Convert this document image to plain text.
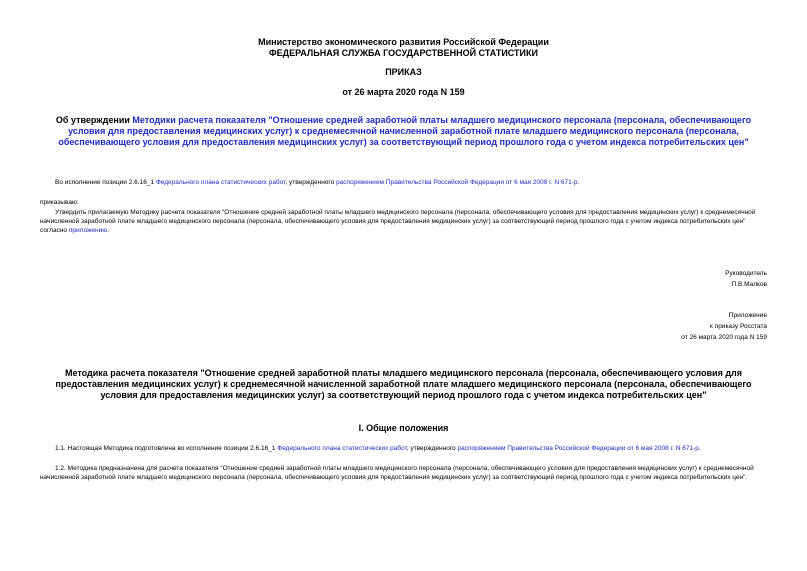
Министерство экономического развития Российской Федерации
ФЕДЕРАЛЬНАЯ СЛУЖБА ГОСУДАРСТВЕННОЙ СТАТИСТИКИ
ПРИКАЗ
от 26 марта 2020 года N 159
Об утверждении Методики расчета показателя "Отношение средней заработной платы младшего медицинского персонала (персонала, обеспечивающего условия для предоставления медицинских услуг) к среднемесячной начисленной заработной плате младшего медицинского персонала (персонала, обеспечивающего условия для предоставления медицинских услуг) за соответствующий период прошлого года с учетом индекса потребительских цен"
Во исполнение позиции 2.6.16_1 Федерального плана статистических работ, утвержденного распоряжением Правительства Российской Федерации от 6 мая 2008 г. N 671-р.
приказываю:
Утвердить прилагаемую Методику расчета показателя "Отношение средней заработной платы младшего медицинского персонала (персонала, обеспечивающего условия для предоставления медицинских услуг) к среднемесячной начисленной заработной плате младшего медицинского персонала (персонала, обеспечивающего условия для предоставления медицинских услуг) за соответствующий период прошлого года с учетом индекса потребительских цен" согласно приложению.
Руководитель
П.В.Малков
Приложение
к приказу Росстата
от 26 марта 2020 года N 159
Методика расчета показателя "Отношение средней заработной платы младшего медицинского персонала (персонала, обеспечивающего условия для предоставления медицинских услуг) к среднемесячной начисленной заработной плате младшего медицинского персонала (персонала, обеспечивающего условия для предоставления медицинских услуг) за соответствующий период прошлого года с учетом индекса потребительских цен"
I. Общие положения
1.1. Настоящая Методика подготовлена во исполнение позиции 2.6.16_1 Федерального плана статистических работ, утвержденного распоряжением Правительства Российской Федерации от 6 мая 2008 г. N 671-р.
1.2. Методика предназначена для расчета показателя "Отношение средней заработной платы младшего медицинского персонала (персонала, обеспечивающего условия для предоставления медицинских услуг) к среднемесячной начисленной заработной плате младшего медицинского персонала (персонала, обеспечивающего условия для предоставления медицинских услуг) за соответствующий период прошлого года с учетом индекса потребительских цен".
